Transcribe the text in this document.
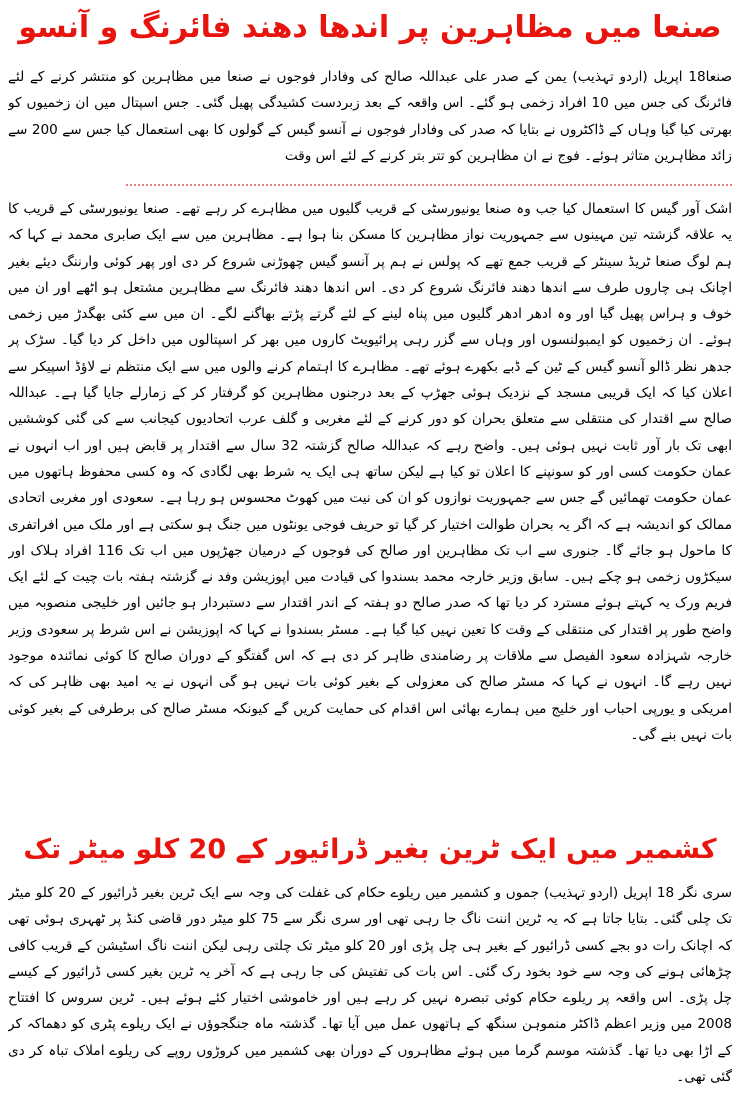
صنعا میں مظاہرین پر اندھا دھند فائرنگ و آنسو

صنعا18 اپریل (اردو تہذیب) یمن کے صدر علی عبداللہ صالح کی وفادار فوجوں نے صنعا میں مظاہرین کو منتشر کرنے کے لئے فائرنگ کی جس میں 10 افراد زخمی ہو گئے۔ اس واقعہ کے بعد زبردست کشیدگی پھیل گئی۔ جس اسپتال میں ان زخمیوں کو بھرتی کیا گیا وہاں کے ڈاکٹروں نے بتایا کہ صدر کی وفادار فوجوں نے آنسو گیس کے گولوں کا بھی استعمال کیا جس سے 200 سے زائد مظاہرین متاثر ہوئے۔ فوج نے ان مظاہرین کو تتر بتر کرنے کے لئے اس وقت

اشک آور گیس کا استعمال کیا جب وہ صنعا یونیورسٹی کے قریب گلیوں میں مظاہرے کر رہے تھے۔ صنعا یونیورسٹی کے قریب کا یہ علاقہ گزشتہ تین مہینوں سے جمہوریت نواز مظاہرین کا مسکن بنا ہوا ہے۔ مظاہرین میں سے ایک صابری محمد نے کہا کہ ہم لوگ صنعا ٹریڈ سینٹر کے قریب جمع تھے کہ پولس نے ہم پر آنسو گیس چھوڑنی شروع کر دی اور پھر کوئی وارننگ دیئے بغیر اچانک ہی چاروں طرف سے اندھا دھند فائرنگ شروع کر دی۔ اس اندھا دھند فائرنگ سے مظاہرین مشتعل ہو اٹھے اور ان میں خوف و ہراس پھیل گیا اور وہ ادھر ادھر گلیوں میں پناہ لینے کے لئے گرتے پڑتے بھاگنے لگے۔ ان میں سے کئی بھگدڑ میں زخمی ہوئے۔ ان زخمیوں کو ایمبولنسوں اور وہاں سے گزر رہی پرائیویٹ کاروں میں بھر کر اسپتالوں میں داخل کر دیا گیا۔ سڑک پر جدھر نظر ڈالو آنسو گیس کے ٹین کے ڈبے بکھرے ہوئے تھے۔ مظاہرے کا اہتمام کرنے والوں میں سے ایک منتظم نے لاؤڈ اسپیکر سے اعلان کیا کہ ایک قریبی مسجد کے نزدیک ہوئی جھڑپ کے بعد درجنوں مظاہرین کو گرفتار کر کے زمارلے جایا گیا ہے۔ عبداللہ صالح سے اقتدار کی منتقلی سے متعلق بحران کو دور کرنے کے لئے مغربی و گلف عرب اتحادیوں کیجانب سے کی گئی کوششیں ابھی تک بار آور ثابت نہیں ہوئی ہیں۔ واضح رہے کہ عبداللہ صالح گزشتہ 32 سال سے اقتدار پر قابض ہیں اور اب انہوں نے عمان حکومت کسی اور کو سونپنے کا اعلان تو کیا ہے لیکن ساتھ ہی ایک یہ شرط بھی لگادی کہ وہ کسی محفوظ ہاتھوں میں عمان حکومت تھمائیں گے جس سے جمہوریت نوازوں کو ان کی نیت میں کھوٹ محسوس ہو رہا ہے۔ سعودی اور مغربی اتحادی ممالک کو اندیشہ ہے کہ اگر یہ بحران طوالت اختیار کر گیا تو حریف فوجی یونٹوں میں جنگ ہو سکتی ہے اور ملک میں افراتفری کا ماحول ہو جائے گا۔ جنوری سے اب تک مظاہرین اور صالح کی فوجوں کے درمیان جھڑپوں میں اب تک 116 افراد ہلاک اور سیکڑوں زخمی ہو چکے ہیں۔ سابق وزیر خارجہ محمد بسندوا کی قیادت میں اپوزیشن وفد نے گزشتہ ہفتہ بات چیت کے لئے ایک فریم ورک یہ کہتے ہوئے مسترد کر دیا تھا کہ صدر صالح دو ہفتہ کے اندر اقتدار سے دستبردار ہو جائیں اور خلیجی منصوبہ میں واضح طور پر اقتدار کی منتقلی کے وقت کا تعین نہیں کیا گیا ہے۔ مسٹر بسندوا نے کہا کہ اپوزیشن نے اس شرط پر سعودی وزیر خارجہ شہزادہ سعود الفیصل سے ملاقات پر رضامندی ظاہر کر دی ہے کہ اس گفتگو کے دوران صالح کا کوئی نمائندہ موجود نہیں رہے گا۔ انہوں نے کہا کہ مسٹر صالح کی معزولی کے بغیر کوئی بات نہیں ہو گی انہوں نے یہ امید بھی ظاہر کی کہ امریکی و یورپی احباب اور خلیج میں ہمارے بھائی اس اقدام کی حمایت کریں گے کیونکہ مسٹر صالح کی برطرفی کے بغیر کوئی بات نہیں بنے گی۔

کشمیر میں ایک ٹرین بغیر ڈرائیور کے 20 کلو میٹر تک

سری نگر 18 اپریل (اردو تہذیب) جموں و کشمیر میں ریلوے حکام کی غفلت کی وجہ سے ایک ٹرین بغیر ڈرائیور کے 20 کلو میٹر تک چلی گئی۔ بتایا جاتا ہے کہ یہ ٹرین اننت ناگ جا رہی تھی اور سری نگر سے 75 کلو میٹر دور قاضی کنڈ پر ٹھہری ہوئی تھی کہ اچانک رات دو بجے کسی ڈرائیور کے بغیر ہی چل پڑی اور 20 کلو میٹر تک چلتی رہی لیکن اننت ناگ اسٹیشن کے قریب کافی چڑھائی ہونے کی وجہ سے خود بخود رک گئی۔ اس بات کی تفتیش کی جا رہی ہے کہ آخر یہ ٹرین بغیر کسی ڈرائیور کے کیسے چل پڑی۔ اس واقعہ پر ریلوے حکام کوئی تبصرہ نہیں کر رہے ہیں اور خاموشی اختیار کئے ہوئے ہیں۔ ٹرین سروس کا افتتاح 2008 میں وزیر اعظم ڈاکٹر منموہن سنگھ کے ہاتھوں عمل میں آیا تھا۔ گذشتہ ماہ جنگجوؤں نے ایک ریلوے پٹری کو دھماکہ کر کے اڑا بھی دیا تھا۔ گذشتہ موسم گرما میں ہوئے مظاہروں کے دوران بھی کشمیر میں کروڑوں روپے کی ریلوے املاک تباہ کر دی گئی تھی۔
